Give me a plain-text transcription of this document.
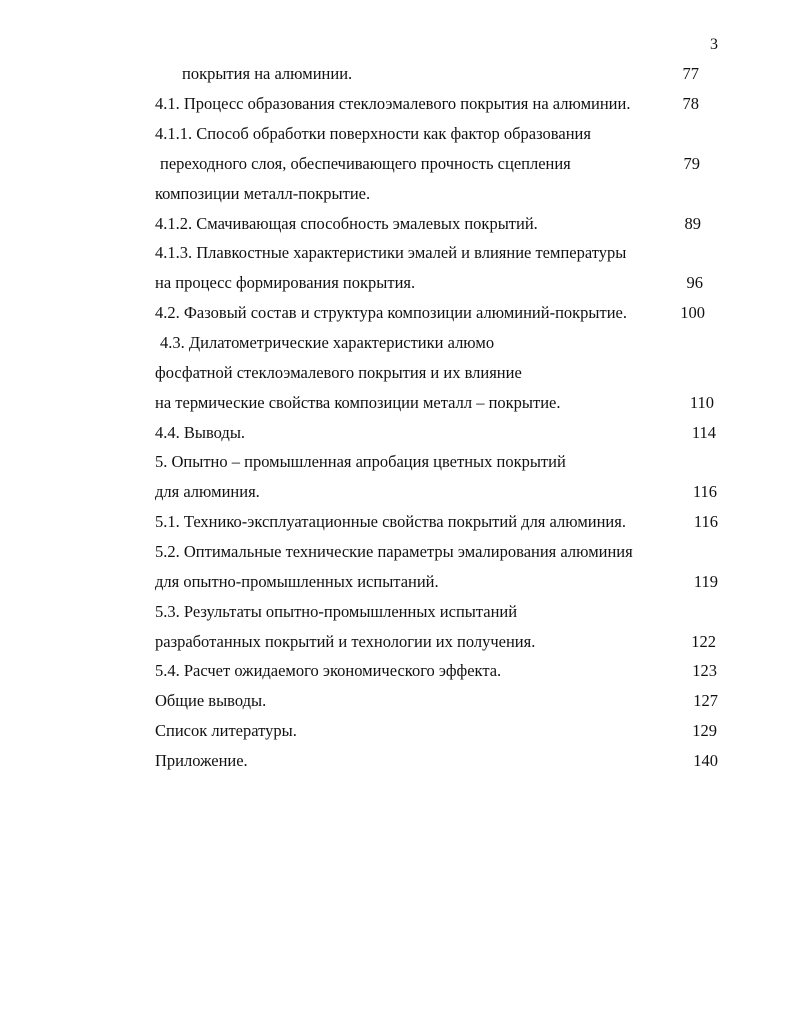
3
покрытия на алюминии.
4.1. Процесс образования стеклоэмалевого покрытия на алюминии.
4.1.1. Способ обработки поверхности как фактор образования
переходного слоя, обеспечивающего прочность сцепления
композиции металл-покрытие.
4.1.2. Смачивающая способность эмалевых покрытий.
4.1.3. Плавкостные характеристики эмалей и влияние температуры
на процесс формирования покрытия.
4.2. Фазовый состав и структура композиции алюминий-покрытие.
4.3. Дилатометрические характеристики алюмо
фосфатной стеклоэмалевого покрытия и их влияние
на термические свойства композиции металл – покрытие.
4.4. Выводы.
5. Опытно – промышленная апробация цветных покрытий
для алюминия.
5.1. Технико-эксплуатационные свойства покрытий для алюминия.
5.2. Оптимальные технические параметры эмалирования алюминия
для опытно-промышленных испытаний.
5.3. Результаты опытно-промышленных испытаний
разработанных покрытий и технологии их получения.
5.4. Расчет ожидаемого экономического эффекта.
Общие выводы.
Список литературы.
Приложение.
77
78
79
89
96
100
110
114
116
116
119
122
123
127
129
140
